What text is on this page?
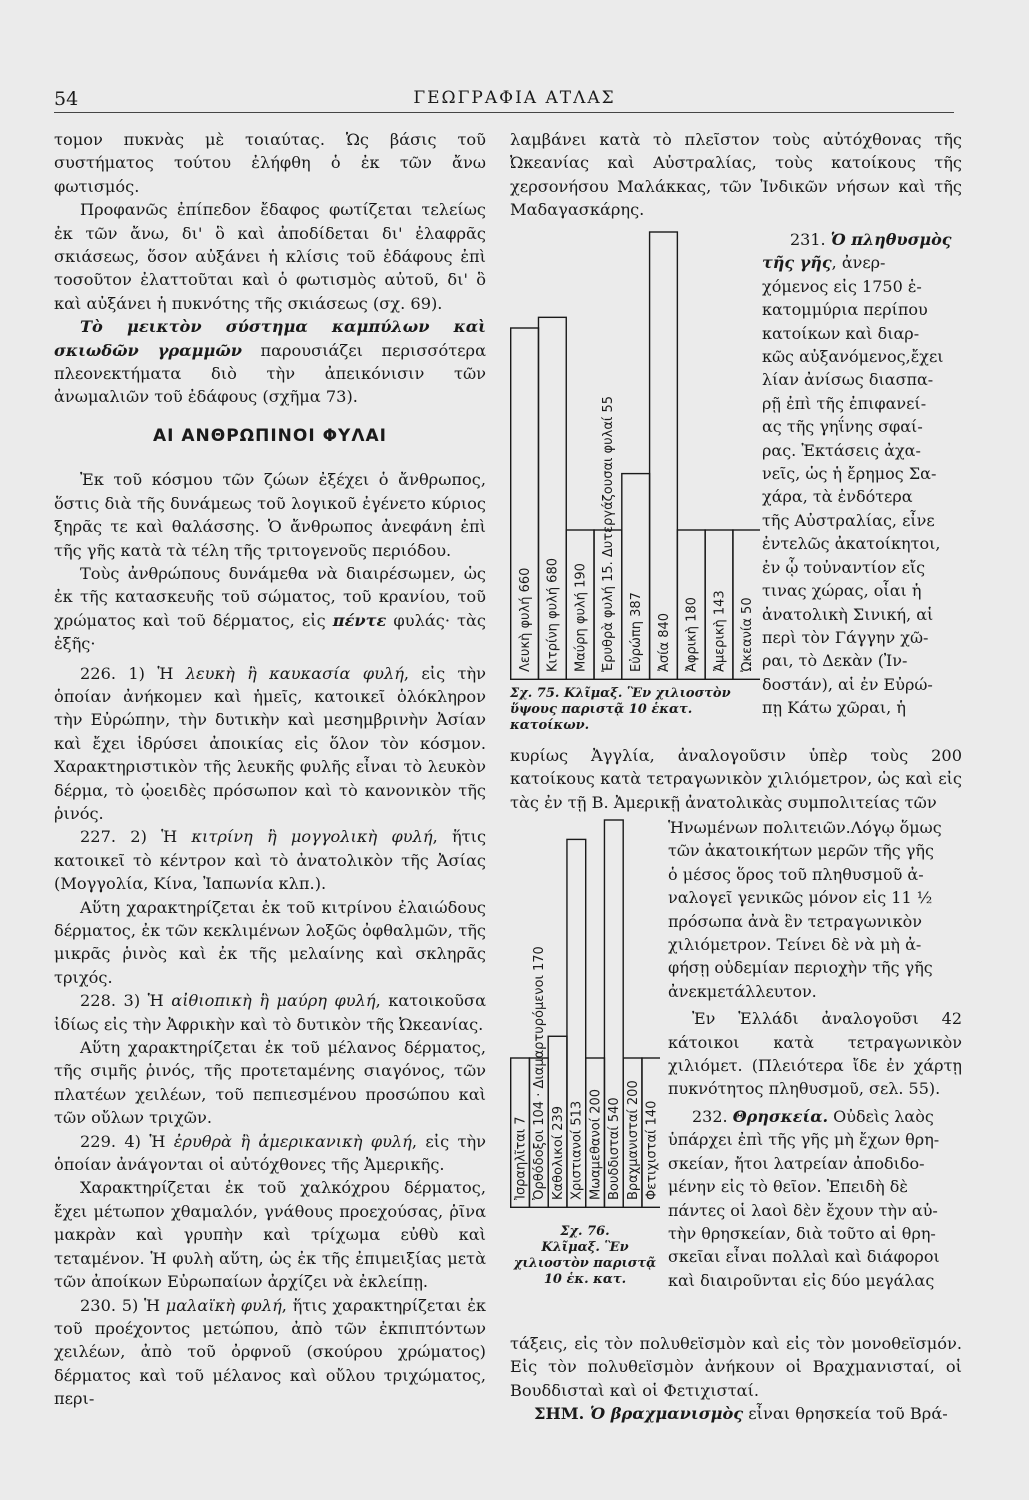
54	ΓΕΩΓΡΑΦΙΑ ΑΤΛΑΣ

τομον πυκνὰς μὲ τοιαύτας. Ὡς βάσις τοῦ συστήματος τούτου ἐλήφθη ὁ ἐκ τῶν ἄνω φωτισμός.

Προφανῶς ἐπίπεδον ἔδαφος φωτίζεται τελείως ἐκ τῶν ἄνω, δι' ὃ καὶ ἀποδίδεται δι' ἐλαφρᾶς σκιάσεως, ὅσον αὐξάνει ἡ κλίσις τοῦ ἐδάφους ἐπὶ τοσοῦτον ἐλαττοῦται καὶ ὁ φωτισμὸς αὐτοῦ, δι' ὃ καὶ αὐξάνει ἡ πυκνότης τῆς σκιάσεως (σχ. 69).

Τὸ μεικτὸν σύστημα καμπύλων καὶ σκιωδῶν γραμμῶν παρουσιάζει περισσότερα πλεονεκτήματα διὸ τὴν ἀπεικόνισιν τῶν ἀνωμαλιῶν τοῦ ἐδάφους (σχῆμα 73).

ΑΙ ΑΝΘΡΩΠΙΝΟΙ ΦΥΛΑΙ

Ἐκ τοῦ κόσμου τῶν ζώων ἐξέχει ὁ ἄνθρωπος, ὅστις διὰ τῆς δυνάμεως τοῦ λογικοῦ ἐγένετο κύριος ξηρᾶς τε καὶ θαλάσσης. Ὁ ἄνθρωπος ἀνεφάνη ἐπὶ τῆς γῆς κατὰ τὰ τέλη τῆς τριτογενοῦς περιόδου.

Τοὺς ἀνθρώπους δυνάμεθα νὰ διαιρέσωμεν, ὡς ἐκ τῆς κατασκευῆς τοῦ σώματος, τοῦ κρανίου, τοῦ χρώματος καὶ τοῦ δέρματος, εἰς πέντε φυλάς· τὰς ἑξῆς·

226. 1) Ἡ λευκὴ ἢ καυκασία φυλή, εἰς τὴν ὁποίαν ἀνήκομεν καὶ ἡμεῖς, κατοικεῖ ὁλόκληρον τὴν Εὐρώπην, τὴν δυτικὴν καὶ μεσημβρινὴν Ἀσίαν καὶ ἔχει ἱδρύσει ἀποικίας εἰς ὅλον τὸν κόσμον. Χαρακτηριστικὸν τῆς λευκῆς φυλῆς εἶναι τὸ λευκὸν δέρμα, τὸ ᾠοειδὲς πρόσωπον καὶ τὸ κανονικὸν τῆς ῥινός.

227. 2) Ἡ κιτρίνη ἢ μογγολικὴ φυλή, ἥτις κατοικεῖ τὸ κέντρον καὶ τὸ ἀνατολικὸν τῆς Ἀσίας (Μογγολία, Κίνα, Ἰαπωνία κλπ.).

Αὕτη χαρακτηρίζεται ἐκ τοῦ κιτρίνου ἐλαιώδους δέρματος, ἐκ τῶν κεκλιμένων λοξῶς ὀφθαλμῶν, τῆς μικρᾶς ῥινὸς καὶ ἐκ τῆς μελαίνης καὶ σκληρᾶς τριχός.

228. 3) Ἡ αἰθιοπικὴ ἢ μαύρη φυλή, κατοικοῦσα ἰδίως εἰς τὴν Ἀφρικὴν καὶ τὸ δυτικὸν τῆς Ὠκεανίας.

Αὕτη χαρακτηρίζεται ἐκ τοῦ μέλανος δέρματος, τῆς σιμῆς ῥινός, τῆς προτεταμένης σιαγόνος, τῶν πλατέων χειλέων, τοῦ πεπιεσμένου προσώπου καὶ τῶν οὔλων τριχῶν.

229. 4) Ἡ ἐρυθρὰ ἢ ἀμερικανικὴ φυλή, εἰς τὴν ὁποίαν ἀνάγονται οἱ αὐτόχθονες τῆς Ἀμερικῆς.

Χαρακτηρίζεται ἐκ τοῦ χαλκόχρου δέρματος, ἔχει μέτωπον χθαμαλόν, γνάθους προεχούσας, ῥῖνα μακρὰν καὶ γρυπὴν καὶ τρίχωμα εὐθὺ καὶ τεταμένον. Ἡ φυλὴ αὕτη, ὡς ἐκ τῆς ἐπιμειξίας μετὰ τῶν ἀποίκων Εὐρωπαίων ἀρχίζει νὰ ἐκλείπῃ.

230. 5) Ἡ μαλαϊκὴ φυλή, ἥτις χαρακτηρίζεται ἐκ τοῦ προέχοντος μετώπου, ἀπὸ τῶν ἐκπιπτόντων χειλέων, ἀπὸ τοῦ ὀρφνοῦ (σκούρου χρώματος) δέρματος καὶ τοῦ μέλανος καὶ οὔλου τριχώματος, περι-

λαμβάνει κατὰ τὸ πλεῖστον τοὺς αὐτόχθονας τῆς Ὠκεανίας καὶ Αὐστραλίας, τοὺς κατοίκους τῆς χερσονήσου Μαλάκκας, τῶν Ἰνδικῶν νήσων καὶ τῆς Μαδαγασκάρης.

231. Ὁ πληθυσμὸς τῆς γῆς, ἀνερ-
χόμενος εἰς 1750 ἑ-
κατομμύρια περίπου
κατοίκων καὶ διαρ-
κῶς αὐξανόμενος,ἔχει
λίαν ἀνίσως διασπα-
ρῇ ἐπὶ τῆς ἐπιφανεί-
ας τῆς γηΐνης σφαί-
ρας. Ἐκτάσεις ἀχα-
νεῖς, ὡς ἡ ἔρημος Σα-
χάρα, τὰ ἐνδότερα
τῆς Αὐστραλίας, εἶνε
ἐντελῶς ἀκατοίκητοι,
ἐν ᾧ τοὐναντίον εἴς
τινας χώρας, οἷαι ἡ
ἀνατολικὴ Σινική, αἱ
περὶ τὸν Γάγγην χῶ-
ραι, τὸ Δεκὰν (Ἰν-
δοστάν), αἱ ἐν Εὐρώ-
πῃ Κάτω χῶραι, ἡ
Λευκὴ φυλή 660 Κιτρίνη φυλή 680 Μαύρη φυλή 190 Ἐρυθρὰ φυλή 15. Δυτεργάζουσαι φυλαί 55 Εὐρώπη 387 Ἀσία 840 Ἀφρικὴ 180 Ἀμερικὴ 143 Ὠκεανία 50
Σχ. 75. Κλῖμαξ. Ἓν χιλιοστὸν ὕψους παριστᾷ 10 ἑκατ. κατοίκων.

κυρίως Ἀγγλία, ἀναλογοῦσιν ὑπὲρ τοὺς 200 κατοίκους κατὰ τετραγωνικὸν χιλιόμετρον, ὡς καὶ εἰς τὰς ἐν τῇ Β. Ἀμερικῇ ἀνατολικὰς συμπολιτείας τῶν

Ἰσραηλῖται 7 Ὀρθόδοξοι 104 · Διαμαρτυρόμενοι 170 Καθολικοί 239 Χριστιανοί 513 Μωαμεθανοί 200 Βουδδισταί 540 Βραχμανισταί 200 Φετιχισταί 140
Σχ. 76.
Κλῖμαξ. Ἓν χιλιοστὸν παριστᾷ 10 ἑκ. κατ.
Ἡνωμένων πολιτειῶν.Λόγῳ ὅμως
τῶν ἀκατοικήτων μερῶν τῆς γῆς
ὁ μέσος ὅρος τοῦ πληθυσμοῦ ἀ-
ναλογεῖ γενικῶς μόνον εἰς 11 ½
πρόσωπα ἀνὰ ἓν τετραγωνικὸν
χιλιόμετρον. Τείνει δὲ νὰ μὴ ἀ-
φήσῃ οὐδεμίαν περιοχὴν τῆς γῆς
ἀνεκμετάλλευτον.
Ἐν Ἑλλάδι ἀναλογοῦσι 42 κάτοικοι κατὰ τετραγωνικὸν χιλιόμετ. (Πλειότερα ἴδε ἐν χάρτῃ πυκνότητος πληθυσμοῦ, σελ. 55).
232. Θρησκεία. Οὐδεὶς λαὸς
ὑπάρχει ἐπὶ τῆς γῆς μὴ ἔχων θρη-
σκείαν, ἤτοι λατρείαν ἀποδιδο-
μένην εἰς τὸ θεῖον. Ἐπειδὴ δὲ
πάντες οἱ λαοὶ δὲν ἔχουν τὴν αὐ-
τὴν θρησκείαν, διὰ τοῦτο αἱ θρη-
σκεῖαι εἶναι πολλαὶ καὶ διάφοροι
καὶ διαιροῦνται εἰς δύο μεγάλας

τάξεις, εἰς τὸν πολυθεϊσμὸν καὶ εἰς τὸν μονοθεϊσμόν. Εἰς τὸν πολυθεϊσμὸν ἀνήκουν οἱ Βραχμανισταί, οἱ Βουδδισταὶ καὶ οἱ Φετιχισταί.

ΣΗΜ. Ὁ βραχμανισμὸς εἶναι θρησκεία τοῦ Βρά-
